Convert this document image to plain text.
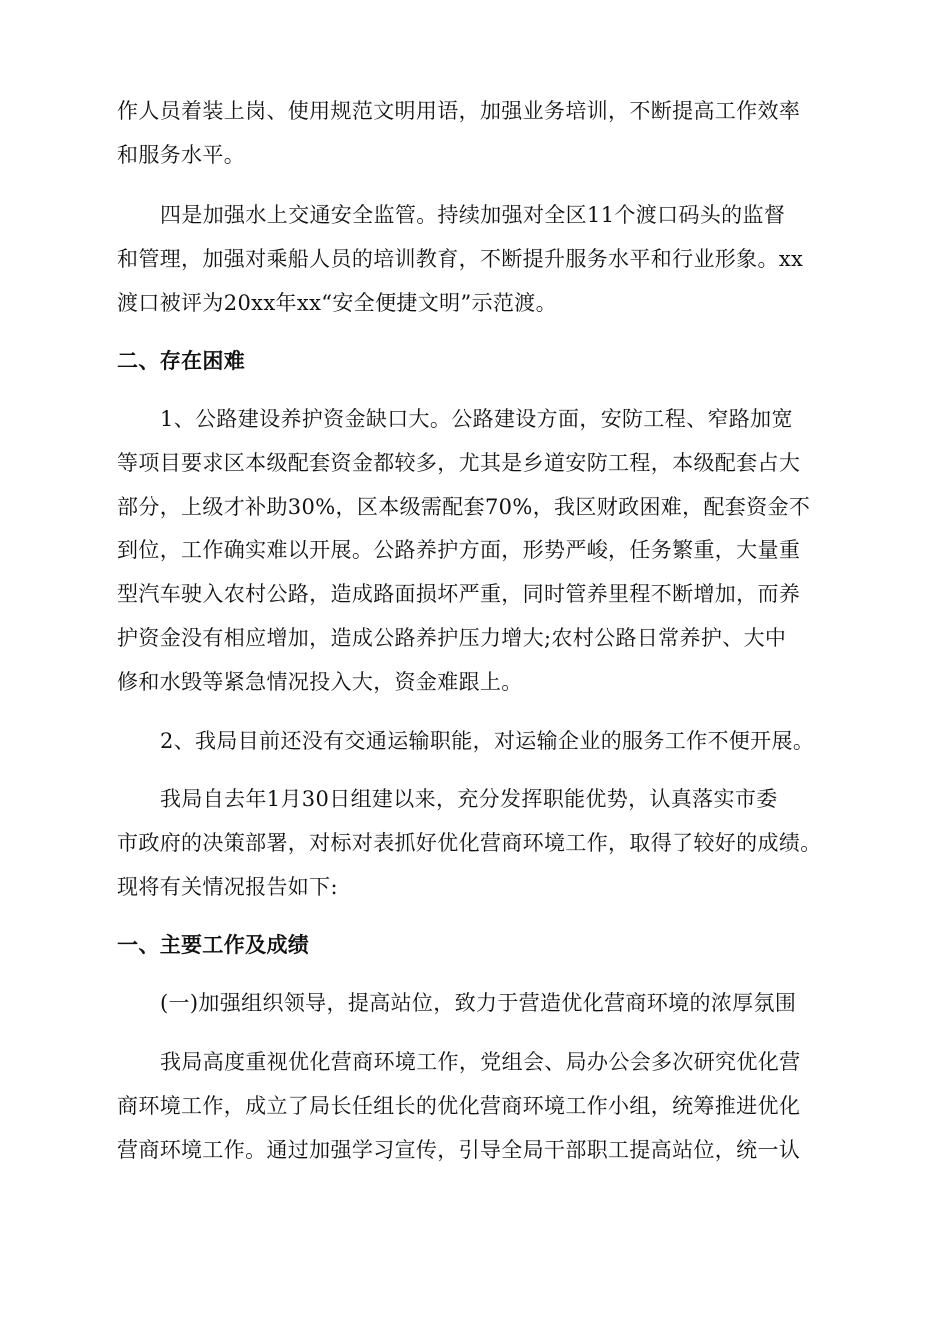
作人员着装上岗、使用规范文明用语，加强业务培训，不断提高工作效率
和服务水平。
四是加强水上交通安全监管。持续加强对全区11个渡口码头的监督
和管理，加强对乘船人员的培训教育，不断提升服务水平和行业形象。xx
渡口被评为20xx年xx“安全便捷文明”示范渡。
二、存在困难
1、公路建设养护资金缺口大。公路建设方面，安防工程、窄路加宽
等项目要求区本级配套资金都较多，尤其是乡道安防工程，本级配套占大
部分，上级才补助30%，区本级需配套70%，我区财政困难，配套资金不
到位，工作确实难以开展。公路养护方面，形势严峻，任务繁重，大量重
型汽车驶入农村公路，造成路面损坏严重，同时管养里程不断增加，而养
护资金没有相应增加，造成公路养护压力增大;农村公路日常养护、大中
修和水毁等紧急情况投入大，资金难跟上。
2、我局目前还没有交通运输职能，对运输企业的服务工作不便开展。
我局自去年1月30日组建以来，充分发挥职能优势，认真落实市委
市政府的决策部署，对标对表抓好优化营商环境工作，取得了较好的成绩。
现将有关情况报告如下:
一、主要工作及成绩
(一)加强组织领导，提高站位，致力于营造优化营商环境的浓厚氛围
我局高度重视优化营商环境工作，党组会、局办公会多次研究优化营
商环境工作，成立了局长任组长的优化营商环境工作小组，统筹推进优化
营商环境工作。通过加强学习宣传，引导全局干部职工提高站位，统一认
